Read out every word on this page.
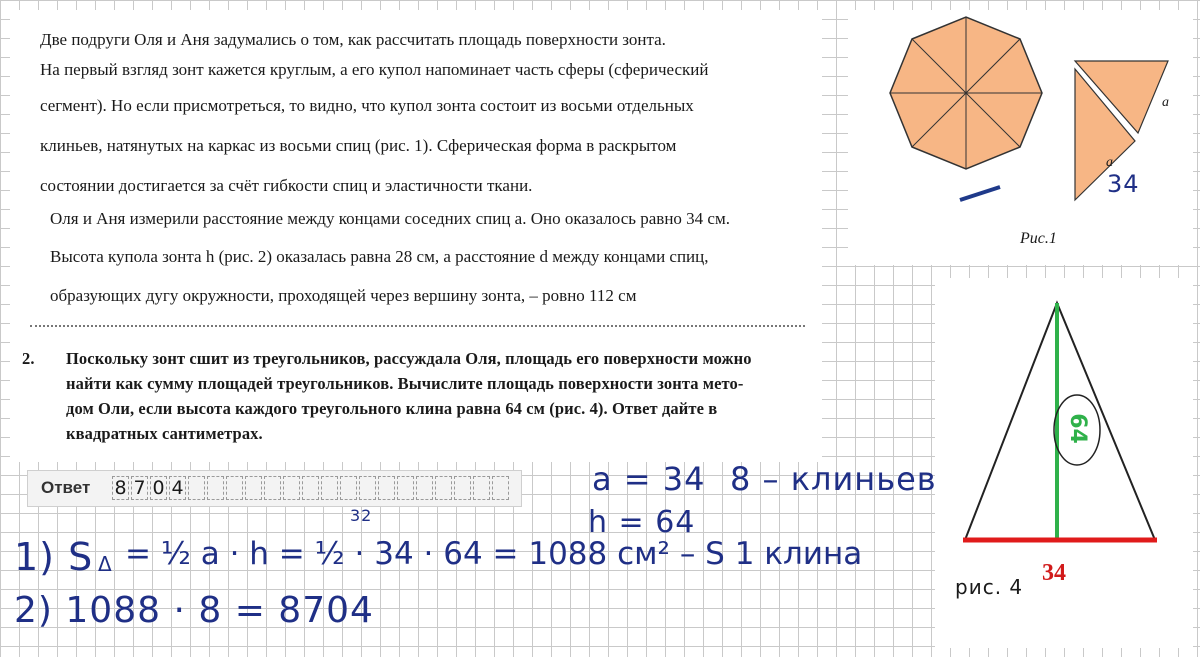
Две подруги Оля и Аня задумались о том, как рассчитать площадь поверхности зонта.
На первый взгляд зонт кажется круглым, а его купол напоминает часть сферы (сферический
сегмент). Но если присмотреться, то видно, что купол зонта состоит из восьми отдельных
клиньев, натянутых на каркас из восьми спиц (рис. 1). Сферическая форма в раскрытом
состоянии достигается за счёт гибкости спиц и эластичности ткани.
Оля и Аня измерили расстояние между концами соседних спиц a. Оно оказалось равно 34 см.
Высота купола зонта h (рис. 2) оказалась равна 28 см, а расстояние d между концами спиц,
образующих дугу окружности, проходящей через вершину зонта, – ровно 112 см
2. Поскольку зонт сшит из треугольников, рассуждала Оля, площадь его поверхности можно
найти как сумму площадей треугольников. Вычислите площадь поверхности зонта мето-
дом Оли, если высота каждого треугольного клина равна 64 см (рис. 4). Ответ дайте в
квадратных сантиметрах.
Ответ 8 7 0 4
a
a
34
Рис.1
64
34
рис. 4
a = 34
h = 64
8 – клиньев
32
1) S Δ = ½ a · h = ½ · 34 · 64 = 1088 см² – S 1 клина
2) 1088 · 8 = 8704
